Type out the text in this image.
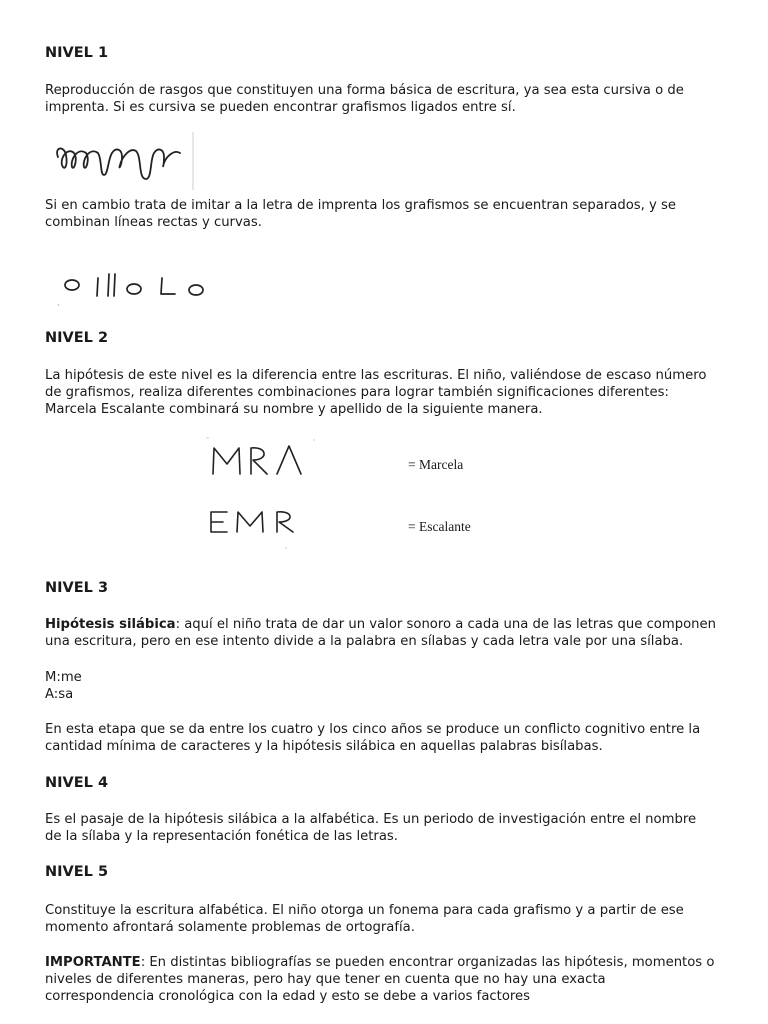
NIVEL 1

Reproducción de rasgos que constituyen una forma básica de escritura, ya sea esta cursiva o de
imprenta. Si es cursiva se pueden encontrar grafismos ligados entre sí.

Si en cambio trata de imitar a la letra de imprenta los grafismos se encuentran separados, y se
combinan líneas rectas y curvas.

NIVEL 2

La hipótesis de este nivel es la diferencia entre las escrituras. El niño, valiéndose de escaso número
de grafismos, realiza diferentes combinaciones para lograr también significaciones diferentes:
Marcela Escalante combinará su nombre y apellido de la siguiente manera.

= Marcela

= Escalante

NIVEL 3

Hipótesis silábica: aquí el niño trata de dar un valor sonoro a cada una de las letras que componen
una escritura, pero en ese intento divide a la palabra en sílabas y cada letra vale por una sílaba.

M:me
A:sa

En esta etapa que se da entre los cuatro y los cinco años se produce un conflicto cognitivo entre la
cantidad mínima de caracteres y la hipótesis silábica en aquellas palabras bisílabas.

NIVEL 4

Es el pasaje de la hipótesis silábica a la alfabética. Es un periodo de investigación entre el nombre
de la sílaba y la representación fonética de las letras.

NIVEL 5

Constituye la escritura alfabética. El niño otorga un fonema para cada grafismo y a partir de ese
momento afrontará solamente problemas de ortografía.

IMPORTANTE: En distintas bibliografías se pueden encontrar organizadas las hipótesis, momentos o
niveles de diferentes maneras, pero hay que tener en cuenta que no hay una exacta
correspondencia cronológica con la edad y esto se debe a varios factores
